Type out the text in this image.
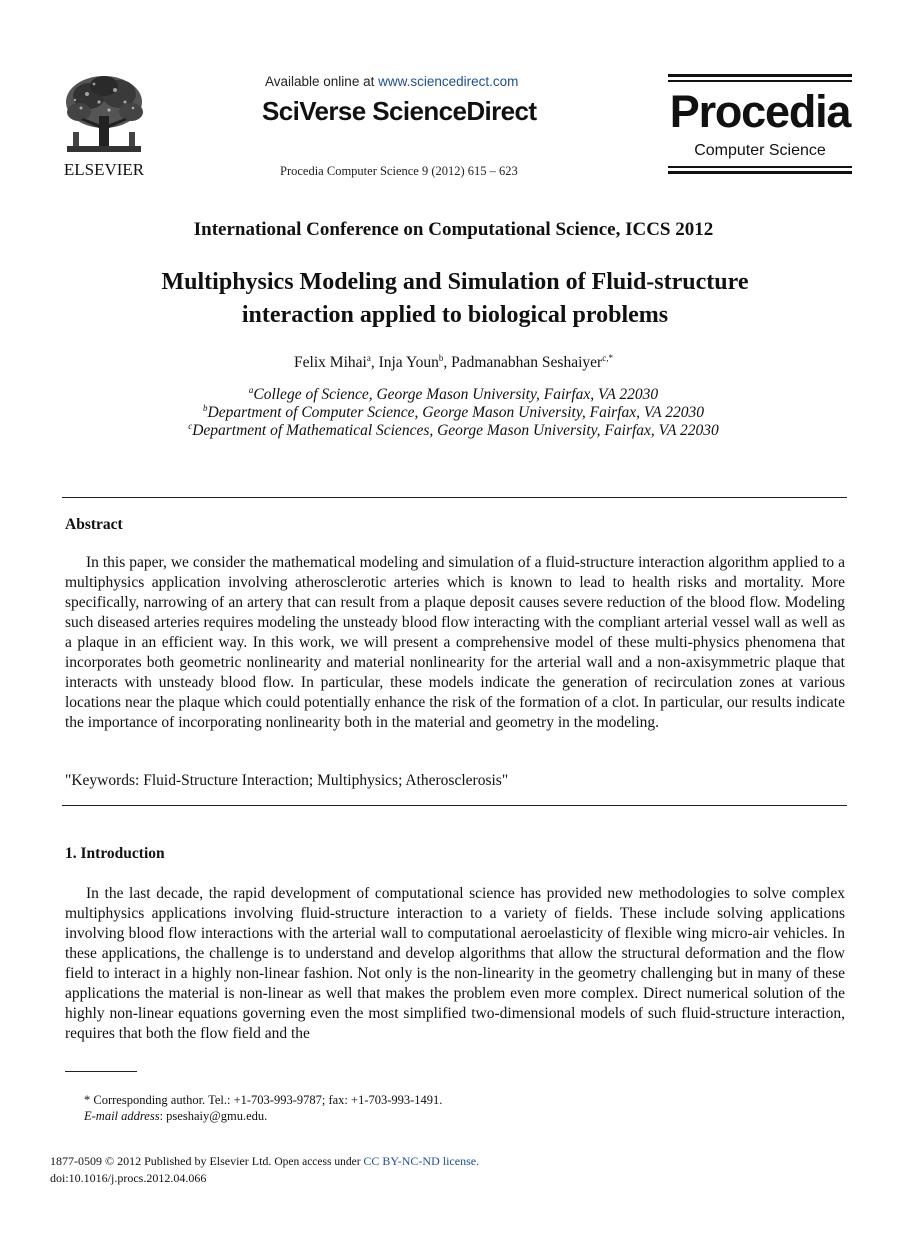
ELSEVIER
Available online at www.sciencedirect.com
SciVerse ScienceDirect
Procedia Computer Science 9 (2012) 615 – 623
Procedia
Computer Science
International Conference on Computational Science, ICCS 2012
Multiphysics Modeling and Simulation of Fluid-structure
interaction applied to biological problems
Felix Mihai$^a$, Inja Youn$^b$, Padmanabhan Seshaiyer$^{c,*}$
$^a$College of Science, George Mason University, Fairfax, VA 22030
$^b$Department of Computer Science, George Mason University, Fairfax, VA 22030
$^c$Department of Mathematical Sciences, George Mason University, Fairfax, VA 22030
Abstract
In this paper, we consider the mathematical modeling and simulation of a fluid-structure interaction algorithm applied to a multiphysics application involving atherosclerotic arteries which is known to lead to health risks and mortality. More specifically, narrowing of an artery that can result from a plaque deposit causes severe reduction of the blood flow. Modeling such diseased arteries requires modeling the unsteady blood flow interacting with the compliant arterial vessel wall as well as a plaque in an efficient way. In this work, we will present a comprehensive model of these multi-physics phenomena that incorporates both geometric nonlinearity and material nonlinearity for the arterial wall and a non-axisymmetric plaque that interacts with unsteady blood flow. In particular, these models indicate the generation of recirculation zones at various locations near the plaque which could potentially enhance the risk of the formation of a clot. In particular, our results indicate the importance of incorporating nonlinearity both in the material and geometry in the modeling.
"Keywords: Fluid-Structure Interaction; Multiphysics; Atherosclerosis"
1. Introduction
In the last decade, the rapid development of computational science has provided new methodologies to solve complex multiphysics applications involving fluid-structure interaction to a variety of fields. These include solving applications involving blood flow interactions with the arterial wall to computational aeroelasticity of flexible wing micro-air vehicles. In these applications, the challenge is to understand and develop algorithms that allow the structural deformation and the flow field to interact in a highly non-linear fashion. Not only is the non-linearity in the geometry challenging but in many of these applications the material is non-linear as well that makes the problem even more complex. Direct numerical solution of the highly non-linear equations governing even the most simplified two-dimensional models of such fluid-structure interaction, requires that both the flow field and the
* Corresponding author. Tel.: +1-703-993-9787; fax: +1-703-993-1491.
E-mail address: pseshaiy@gmu.edu.
1877-0509 © 2012 Published by Elsevier Ltd. Open access under CC BY-NC-ND license.
doi:10.1016/j.procs.2012.04.066
